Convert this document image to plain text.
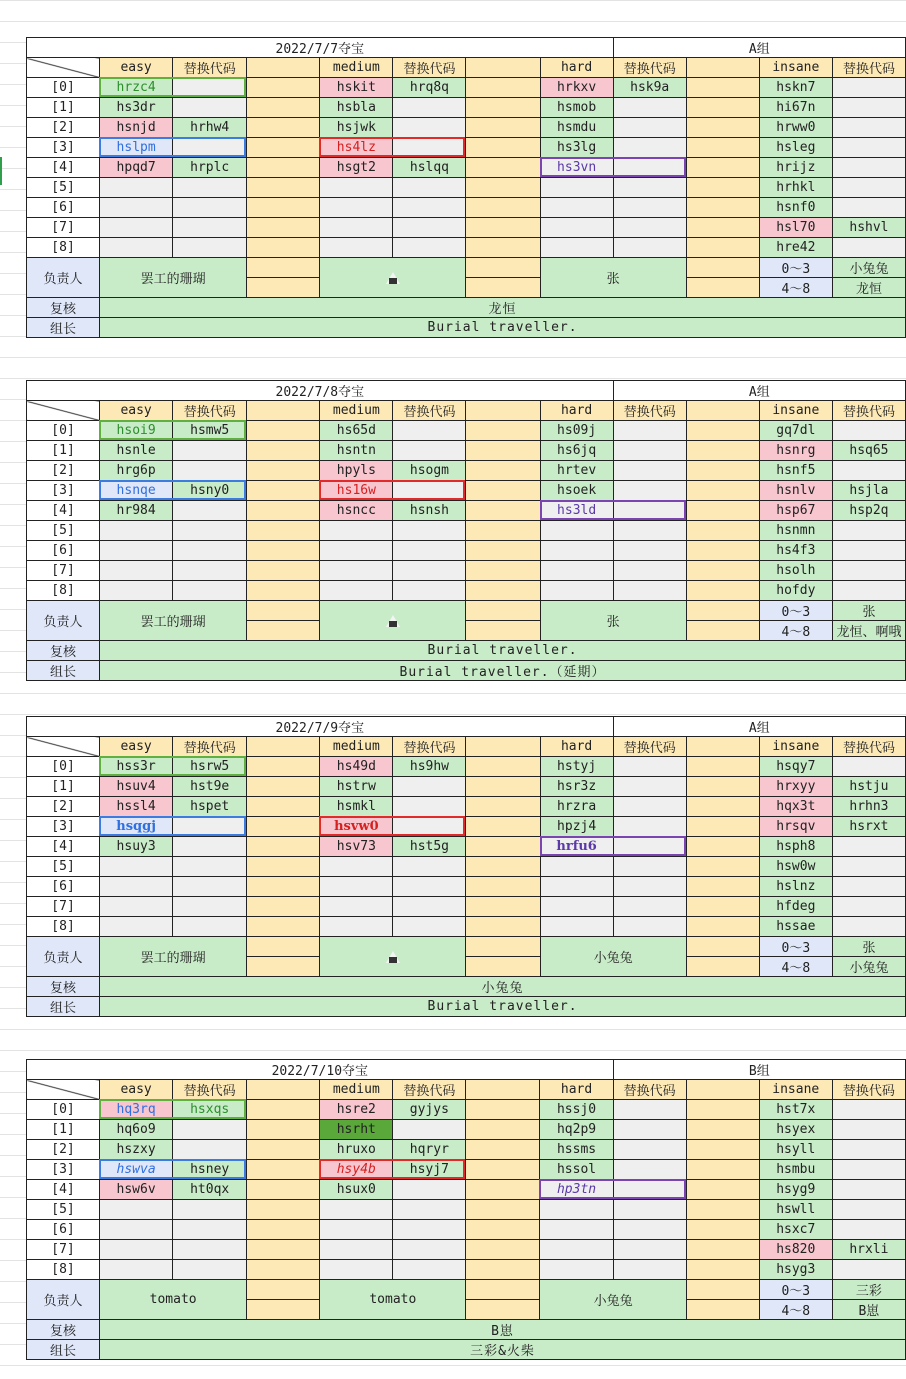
2022/7/7夺宝								A组			
	easy	替换代码		medium	替换代码		hard	替换代码		insane	替换代码
[0]	hrzc4			hskit	hrq8q		hrkxv	hsk9a		hskn7	
[1]	hs3dr			hsbla			hsmob			hi67n	
[2]	hsnjd	hrhw4		hsjwk			hsmdu			hrww0	
[3]	hslpm			hs4lz			hs3lg			hsleg	
[4]	hpqd7	hrplc		hsgt2	hslqq		hs3vn			hrijz	
[5]										hrhkl	
[6]										hsnf0	
[7]										hsl70	hshvl
[8]										hre42	
负责人	罢工的珊瑚						张			0～3	小兔兔
										4～8	龙恒
复核	龙恒										
组长	Burial traveller.										
2022/7/8夺宝								A组			
	easy	替换代码		medium	替换代码		hard	替换代码		insane	替换代码
[0]	hsoi9	hsmw5		hs65d			hs09j			gq7dl	
[1]	hsnle			hsntn			hs6jq			hsnrg	hsq65
[2]	hrg6p			hpyls	hsogm		hrtev			hsnf5	
[3]	hsnqe	hsny0		hs16w			hsoek			hsnlv	hsjla
[4]	hr984			hsncc	hsnsh		hs3ld			hsp67	hsp2q
[5]										hsnmn	
[6]										hs4f3	
[7]										hsolh	
[8]										hofdy	
负责人	罢工的珊瑚						张			0～3	张
										4～8	龙恒、啊哦
复核	Burial traveller.										
组长	Burial traveller.（延期）										
2022/7/9夺宝								A组			
	easy	替换代码		medium	替换代码		hard	替换代码		insane	替换代码
[0]	hss3r	hsrw5		hs49d	hs9hw		hstyj			hsqy7	
[1]	hsuv4	hst9e		hstrw			hsr3z			hrxyy	hstju
[2]	hssl4	hspet		hsmkl			hrzra			hqx3t	hrhn3
[3]	hsqgj			hsvw0			hpzj4			hrsqv	hsrxt
[4]	hsuy3			hsv73	hst5g		hrfu6			hsph8	
[5]										hsw0w	
[6]										hslnz	
[7]										hfdeg	
[8]										hssae	
负责人	罢工的珊瑚						小兔兔			0～3	张
										4～8	小兔兔
复核	小兔兔										
组长	Burial traveller.										
2022/7/10夺宝								B组			
	easy	替换代码		medium	替换代码		hard	替换代码		insane	替换代码
[0]	hq3rq	hsxqs		hsre2	gyjys		hssj0			hst7x	
[1]	hq6o9			hsrht			hq2p9			hsyex	
[2]	hszxy			hruxo	hqryr		hssms			hsyll	
[3]	hswva	hsney		hsy4b	hsyj7		hssol			hsmbu	
[4]	hsw6v	ht0qx		hsux0			hp3tn			hsyg9	
[5]										hswll	
[6]										hsxc7	
[7]										hs820	hrxli
[8]										hsyg3	
负责人	tomato			tomato			小兔兔			0～3	三彩
										4～8	B崽
复核	B崽										
组长	三彩&火柴										
